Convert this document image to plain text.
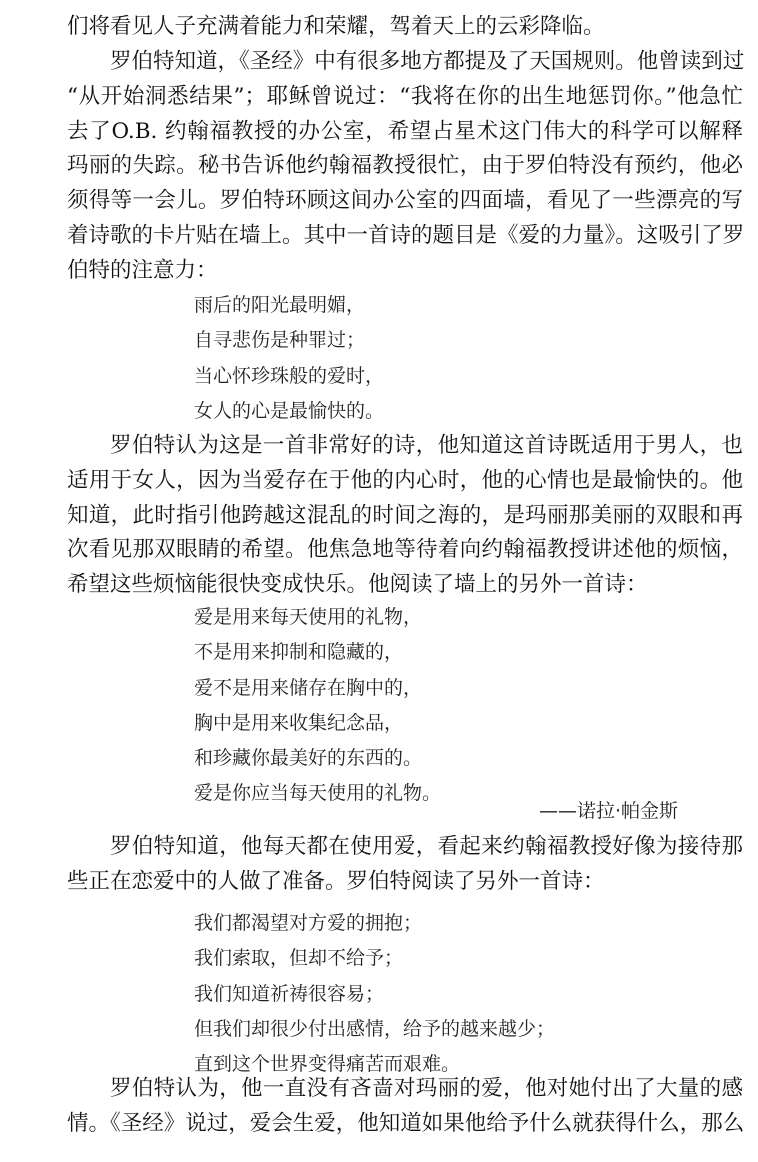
们将看见人子充满着能力和荣耀，驾着天上的云彩降临。

罗伯特知道，《圣经》中有很多地方都提及了天国规则。他曾读到过
“从开始洞悉结果”；耶稣曾说过：“我将在你的出生地惩罚你。”他急忙
去了O.B. 约翰福教授的办公室，希望占星术这门伟大的科学可以解释
玛丽的失踪。秘书告诉他约翰福教授很忙，由于罗伯特没有预约，他必
须得等一会儿。罗伯特环顾这间办公室的四面墙，看见了一些漂亮的写
着诗歌的卡片贴在墙上。其中一首诗的题目是《爱的力量》。这吸引了罗
伯特的注意力：

雨后的阳光最明媚，
自寻悲伤是种罪过；
当心怀珍珠般的爱时，
女人的心是最愉快的。

罗伯特认为这是一首非常好的诗，他知道这首诗既适用于男人，也
适用于女人，因为当爱存在于他的内心时，他的心情也是最愉快的。他
知道，此时指引他跨越这混乱的时间之海的，是玛丽那美丽的双眼和再
次看见那双眼睛的希望。他焦急地等待着向约翰福教授讲述他的烦恼，
希望这些烦恼能很快变成快乐。他阅读了墙上的另外一首诗：

爱是用来每天使用的礼物，
不是用来抑制和隐藏的，
爱不是用来储存在胸中的，
胸中是用来收集纪念品，
和珍藏你最美好的东西的。
爱是你应当每天使用的礼物。
——诺拉·帕金斯

罗伯特知道，他每天都在使用爱，看起来约翰福教授好像为接待那
些正在恋爱中的人做了准备。罗伯特阅读了另外一首诗：

我们都渴望对方爱的拥抱；
我们索取，但却不给予；
我们知道祈祷很容易；
但我们却很少付出感情，给予的越来越少；
直到这个世界变得痛苦而艰难。

罗伯特认为，他一直没有吝啬对玛丽的爱，他对她付出了大量的感
情。《圣经》说过，爱会生爱，他知道如果他给予什么就获得什么，那么
